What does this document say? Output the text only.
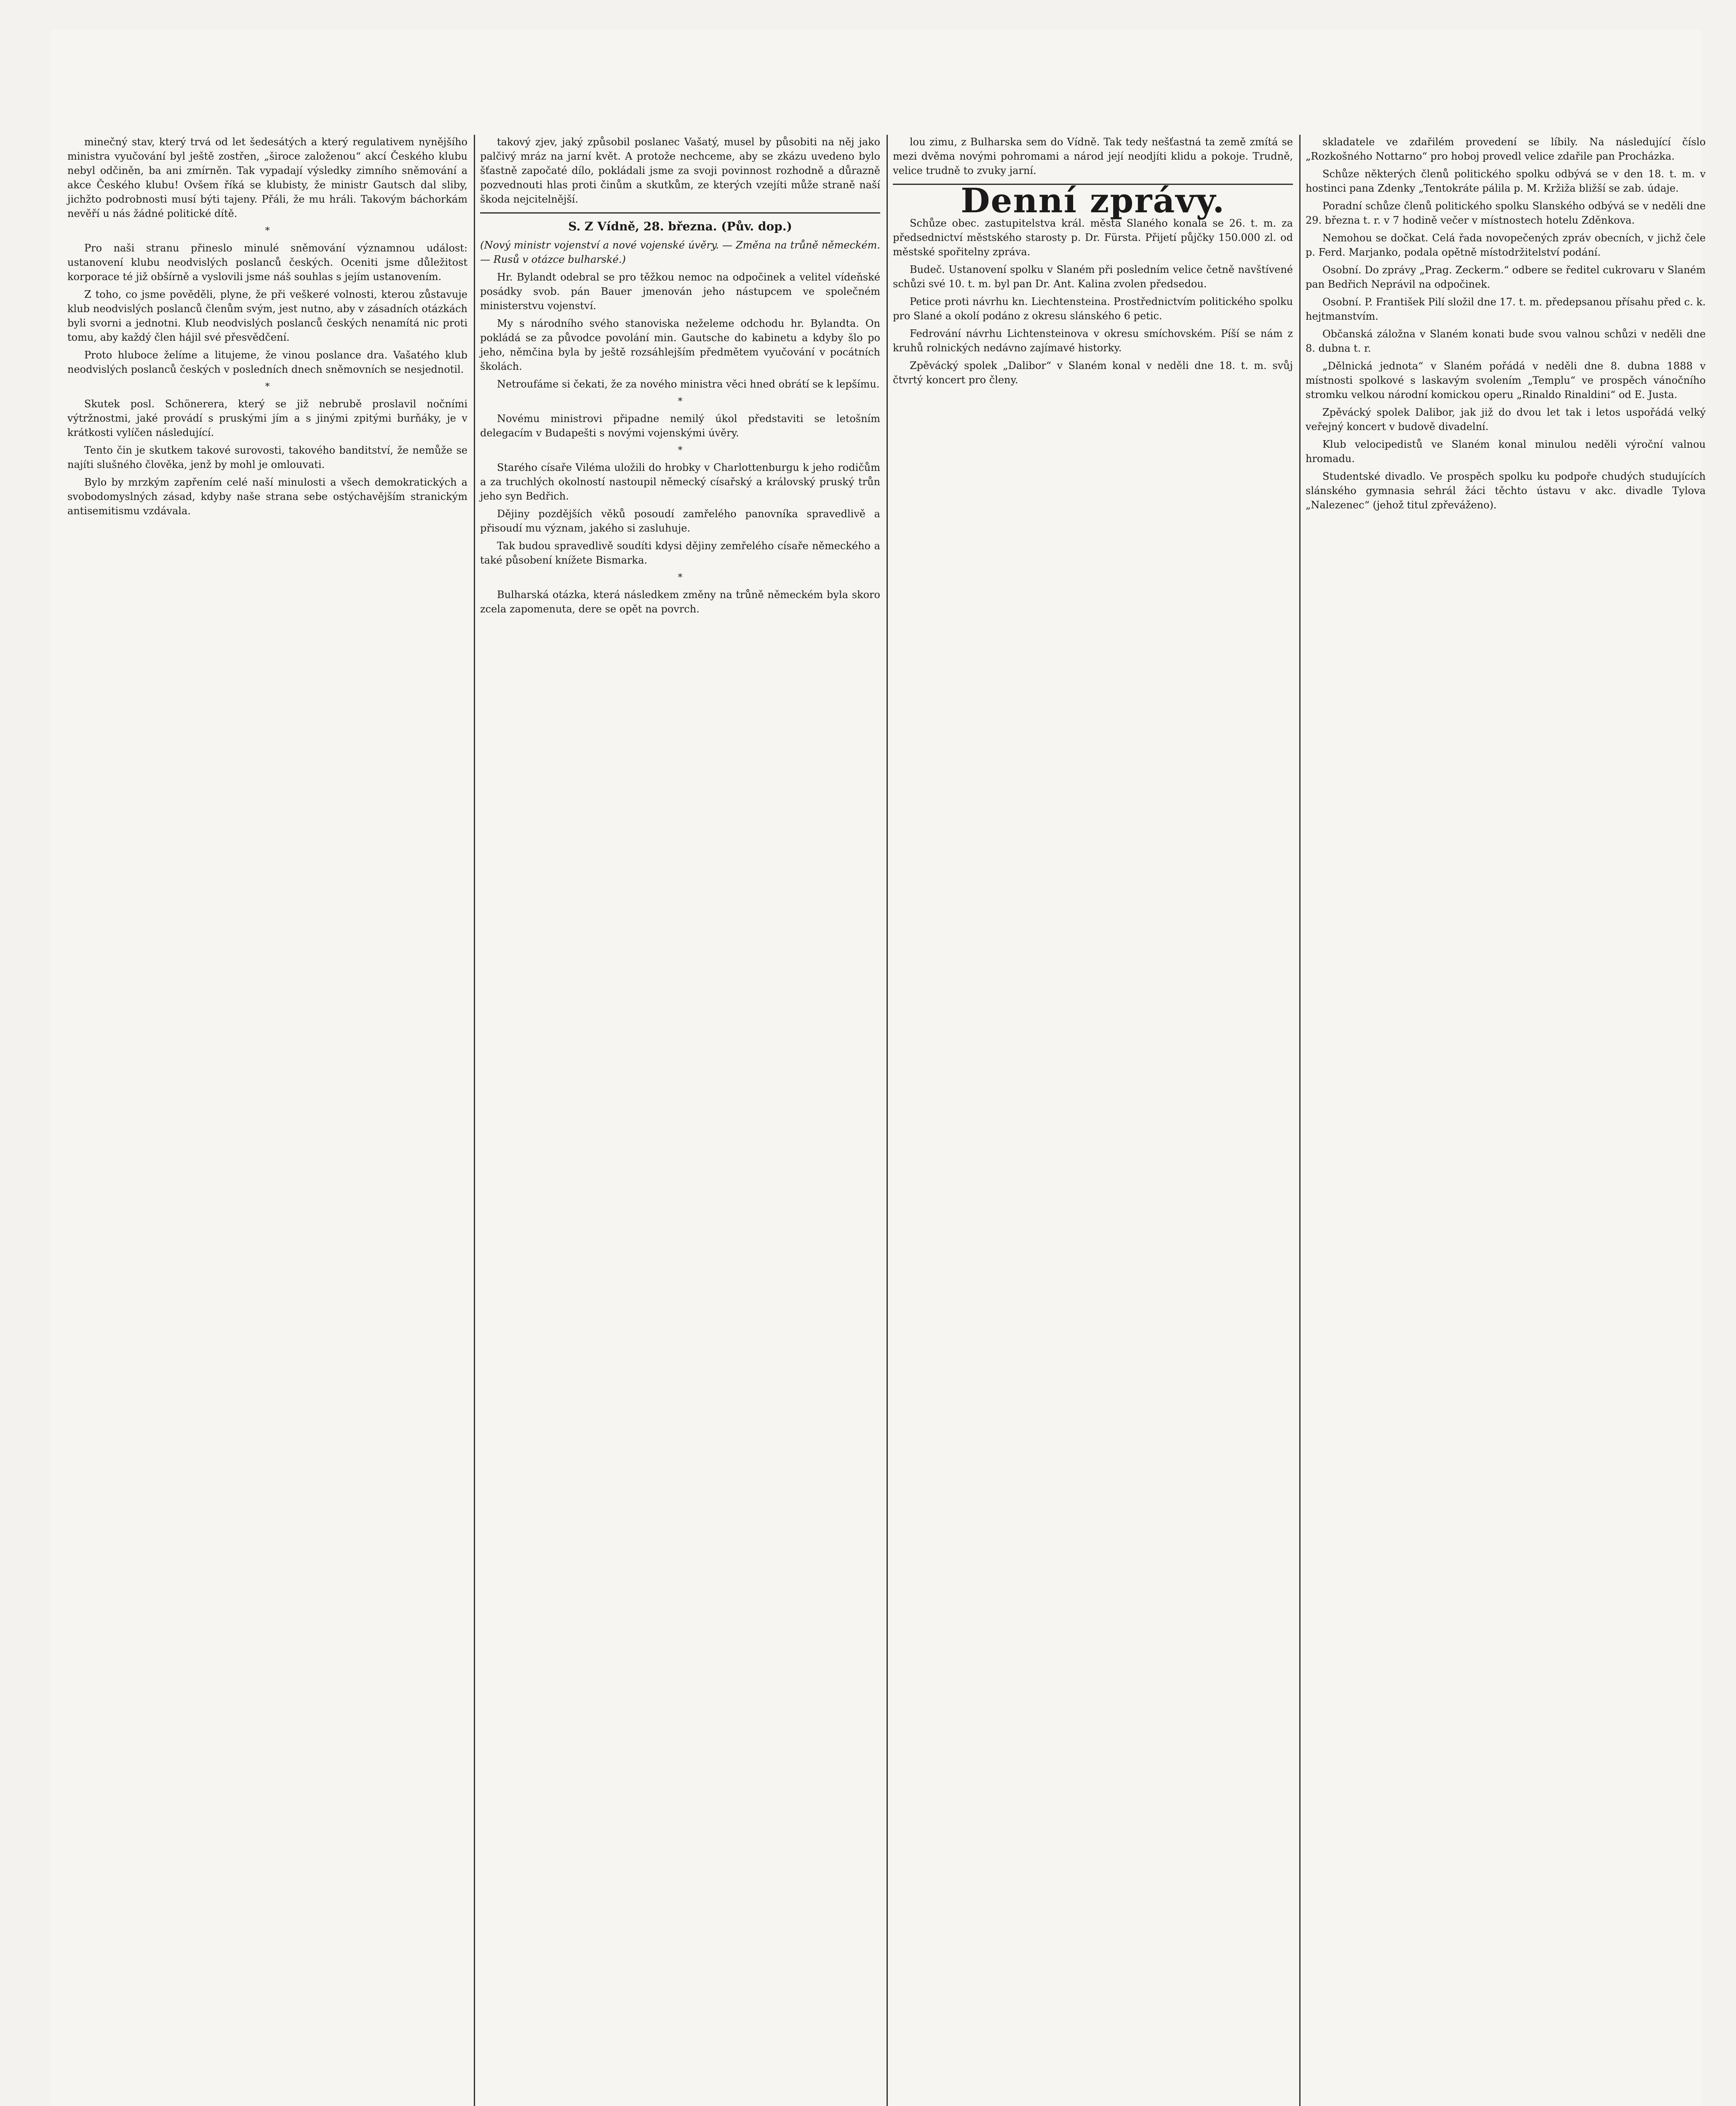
minečný stav, který trvá od let šedesátých a který regulativem nynějšího ministra vyučování byl ještě zostřen, „široce založenou“ akcí Českého klubu nebyl odčiněn, ba ani zmírněn. Tak vypadají výsledky zimního sněmování a akce Českého klubu! Ovšem říká se klubisty, že ministr Gautsch dal sliby, jichžto podrobnosti musí býti tajeny. Přáli, že mu hráli. Takovým báchorkám nevěří u nás žádné politické dítě.

*

Pro naši stranu přineslo minulé sněmování významnou událost: ustanovení klubu neodvislých poslanců českých. Oceniti jsme důležitost korporace té již obšírně a vyslovili jsme náš souhlas s jejím ustanovením.

Z toho, co jsme pověděli, plyne, že při veškeré volnosti, kterou zůstavuje klub neodvislých poslanců členům svým, jest nutno, aby v zásadních otázkách byli svorni a jednotni. Klub neodvislých poslanců českých nenamítá nic proti tomu, aby každý člen hájil své přesvědčení.

Proto hluboce želíme a litujeme, že vinou poslance dra. Vašatého klub neodvislých poslanců českých v posledních dnech sněmovních se nesjednotil.

*

Skutek posl. Schönerera, který se již nebrubě proslavil nočními výtržnostmi, jaké provádí s pruskými jím a s jinými zpitými burňáky, je v krátkosti vylíčen následující.

Tento čin je skutkem takové surovosti, takového banditství, že nemůže se najíti slušného člověka, jenž by mohl je omlouvati.

Bylo by mrzkým zapřením celé naší minulosti a všech demokratických a svobodomyslných zásad, kdyby naše strana sebe ostýchavějším stranickým antisemitismu vzdávala.

takový zjev, jaký způsobil poslanec Vašatý, musel by působiti na něj jako palčivý mráz na jarní květ. A protože nechceme, aby se zkázu uvedeno bylo šťastně započaté dílo, pokládali jsme za svoji povinnost rozhodně a důrazně pozvednouti hlas proti činům a skutkům, ze kterých vzejíti může straně naší škoda nejcitelnější.

S. Z Vídně, 28. března. (Pův. dop.)

(Nový ministr vojenství a nové vojenské úvěry. — Změna na trůně německém. — Rusů v otázce bulharské.)

Hr. Bylandt odebral se pro těžkou nemoc na odpočinek a velitel vídeňské posádky svob. pán Bauer jmenován jeho nástupcem ve společném ministerstvu vojenství.

My s národního svého stanoviska neželeme odchodu hr. Bylandta. On pokládá se za původce povolání min. Gautsche do kabinetu a kdyby šlo po jeho, němčina byla by ještě rozsáhlejším předmětem vyučování v pocátních školách.

Netroufáme si čekati, že za nového ministra věci hned obrátí se k lepšímu.

*

Novému ministrovi připadne nemilý úkol představiti se letošním delegacím v Budapešti s novými vojenskými úvěry.

*

Starého císaře Viléma uložili do hrobky v Charlottenburgu k jeho rodičům a za truchlých okolností nastoupil německý císařský a královský pruský trůn jeho syn Bedřich.

Dějiny pozdějších věků posoudí zamřelého panovníka spravedlivě a přisoudí mu význam, jakého si zasluhuje.

Tak budou spravedlivě soudíti kdysi dějiny zemřelého císaře německého a také působení knížete Bismarka.

*

Bulharská otázka, která následkem změny na trůně německém byla skoro zcela zapomenuta, dere se opět na povrch.

lou zimu, z Bulharska sem do Vídně. Tak tedy nešťastná ta země zmítá se mezi dvěma novými pohromami a národ její neodjíti klidu a pokoje. Trudně, velice trudně to zvuky jarní.

Denní zprávy.

Schůze obec. zastupitelstva král. města Slaného konala se 26. t. m. za předsednictví městského starosty p. Dr. Fürsta. Přijetí půjčky 150.000 zl. od městské spořitelny zpráva.

Budeč. Ustanovení spolku v Slaném při posledním velice četně navštívené schůzi své 10. t. m. byl pan Dr. Ant. Kalina zvolen předsedou.

Petice proti návrhu kn. Liechtensteina. Prostřednictvím politického spolku pro Slané a okolí podáno z okresu slánského 6 petic.

Fedrování návrhu Lichtensteinova v okresu smíchovském. Píší se nám z kruhů rolnických nedávno zajímavé historky.

Zpěvácký spolek „Dalibor“ v Slaném konal v neděli dne 18. t. m. svůj čtvrtý koncert pro členy.

skladatele ve zdařilém provedení se líbily. Na následující číslo „Rozkošného Nottarno“ pro hoboj provedl velice zdařile pan Procházka.

Schůze některých členů politického spolku odbývá se v den 18. t. m. v hostinci pana Zdenky „Tentokráte pálila p. M. Kržiža bližší se zab. údaje.

Poradní schůze členů politického spolku Slanského odbývá se v neděli dne 29. března t. r. v 7 hodině večer v místnostech hotelu Zděnkova.

Nemohou se dočkat. Celá řada novopečených zpráv obecních, v jichž čele p. Ferd. Marjanko, podala opětně místodržitelství podání.

Osobní. Do zprávy „Prag. Zeckerm.“ odbere se ředitel cukrovaru v Slaném pan Bedřich Neprávil na odpočinek.

Osobní. P. František Pilí složil dne 17. t. m. předepsanou přísahu před c. k. hejtmanstvím.

Občanská záložna v Slaném konati bude svou valnou schůzi v neděli dne 8. dubna t. r.

„Dělnická jednota“ v Slaném pořádá v neděli dne 8. dubna 1888 v místnosti spolkové s laskavým svolením „Templu“ ve prospěch vánočního stromku velkou národní komickou operu „Rinaldo Rinaldini“ od E. Justa.

Zpěvácký spolek Dalibor, jak již do dvou let tak i letos uspořádá velký veřejný koncert v budově divadelní.

Klub velocipedistů ve Slaném konal minulou neděli výroční valnou hromadu.

Studentské divadlo. Ve prospěch spolku ku podpoře chudých studujících slánského gymnasia sehrál žáci těchto ústavu v akc. divadle Tylova „Nalezenec“ (jehož titul zpřeváženo).
